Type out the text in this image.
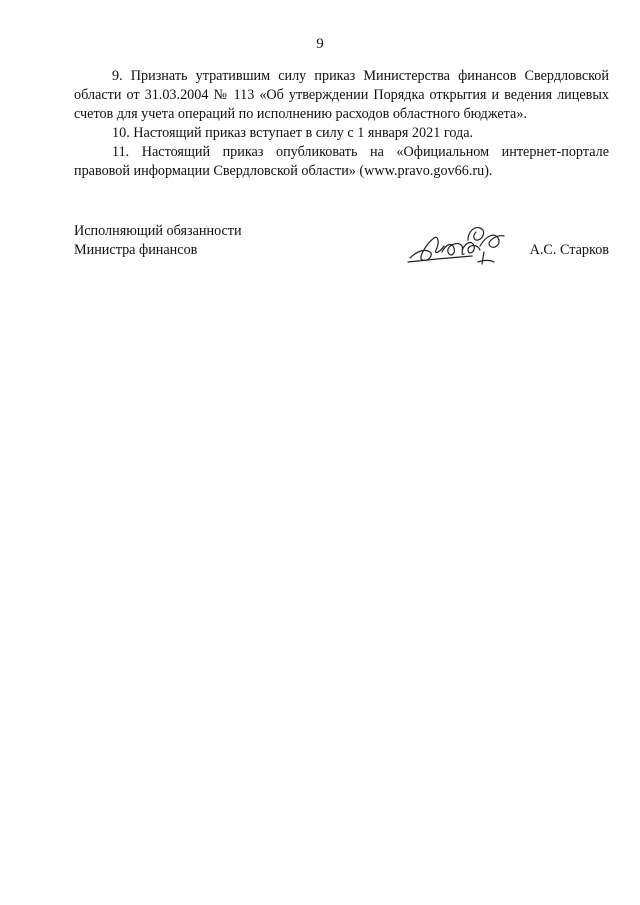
9

9. Признать утратившим силу приказ Министерства финансов Свердловской области от 31.03.2004 № 113 «Об утверждении Порядка открытия и ведения лицевых счетов для учета операций по исполнению расходов областного бюджета».

10. Настоящий приказ вступает в силу с 1 января 2021 года.

11. Настоящий приказ опубликовать на «Официальном интернет-портале правовой информации Свердловской области» (www.pravo.gov66.ru).

Исполняющий обязанности
Министра финансов	А.С. Старков
